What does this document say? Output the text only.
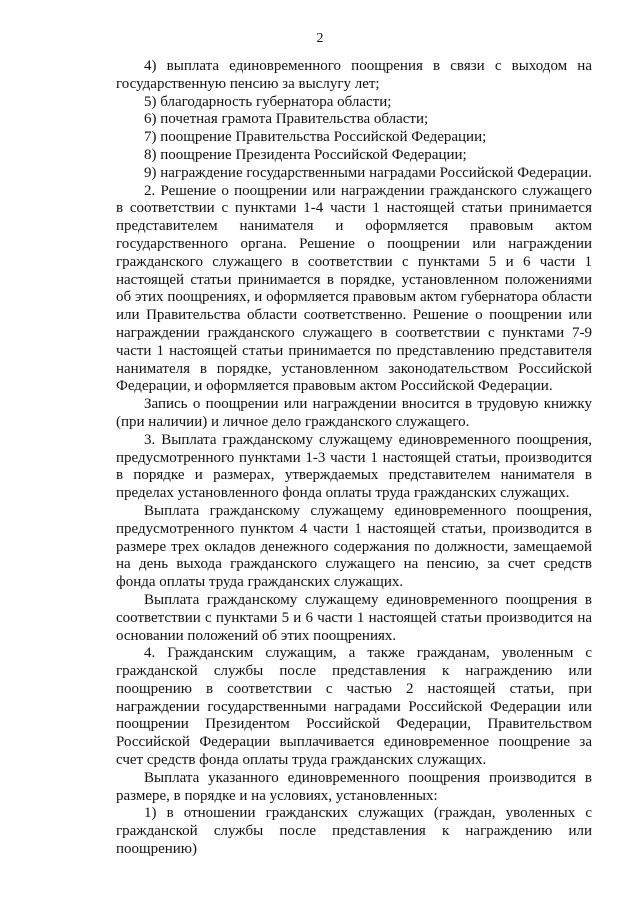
2

4) выплата единовременного поощрения в связи с выходом на государственную пенсию за выслугу лет;

5) благодарность губернатора области;

6) почетная грамота Правительства области;

7) поощрение Правительства Российской Федерации;

8) поощрение Президента Российской Федерации;

9) награждение государственными наградами Российской Федерации.

2. Решение о поощрении или награждении гражданского служащего в соответствии с пунктами 1-4 части 1 настоящей статьи принимается представителем нанимателя и оформляется правовым актом государственного органа. Решение о поощрении или награждении гражданского служащего в соответствии с пунктами 5 и 6 части 1 настоящей статьи принимается в порядке, установленном положениями об этих поощрениях, и оформляется правовым актом губернатора области или Правительства области соответственно. Решение о поощрении или награждении гражданского служащего в соответствии с пунктами 7-9 части 1 настоящей статьи принимается по представлению представителя нанимателя в порядке, установленном законодательством Российской Федерации, и оформляется правовым актом Российской Федерации.

Запись о поощрении или награждении вносится в трудовую книжку (при наличии) и личное дело гражданского служащего.

3. Выплата гражданскому служащему единовременного поощрения, предусмотренного пунктами 1-3 части 1 настоящей статьи, производится в порядке и размерах, утверждаемых представителем нанимателя в пределах установленного фонда оплаты труда гражданских служащих.

Выплата гражданскому служащему единовременного поощрения, предусмотренного пунктом 4 части 1 настоящей статьи, производится в размере трех окладов денежного содержания по должности, замещаемой на день выхода гражданского служащего на пенсию, за счет средств фонда оплаты труда гражданских служащих.

Выплата гражданскому служащему единовременного поощрения в соответствии с пунктами 5 и 6 части 1 настоящей статьи производится на основании положений об этих поощрениях.

4. Гражданским служащим, а также гражданам, уволенным с гражданской службы после представления к награждению или поощрению в соответствии с частью 2 настоящей статьи, при награждении государственными наградами Российской Федерации или поощрении Президентом Российской Федерации, Правительством Российской Федерации выплачивается единовременное поощрение за счет средств фонда оплаты труда гражданских служащих.

Выплата указанного единовременного поощрения производится в размере, в порядке и на условиях, установленных:

1) в отношении гражданских служащих (граждан, уволенных с гражданской службы после представления к награждению или поощрению)
